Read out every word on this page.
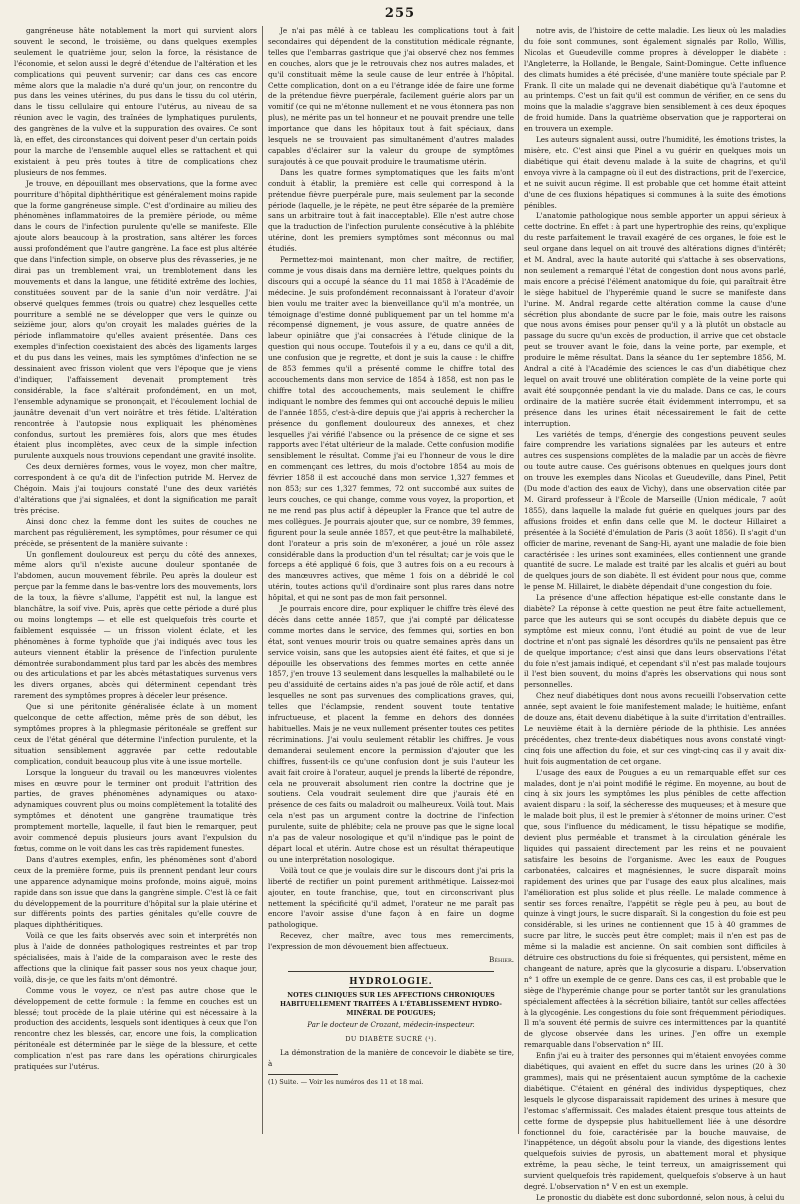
255

gangréneuse hâte notablement la mort qui survient alors souvent le second, le troisième, ou dans quelques exemples seulement le quatrième jour, selon la force, la résistance de l'économie, et selon aussi le degré d'étendue de l'altération et les complications qui peuvent survenir; car dans ces cas encore même alors que la maladie n'a duré qu'un jour, on rencontre du pus dans les veines utérines, du pus dans le tissu du col utérin, dans le tissu cellulaire qui entoure l'utérus, au niveau de sa réunion avec le vagin, des traînées de lymphatiques purulents, des gangrènes de la vulve et la suppuration des ovaires. Ce sont là, en effet, des circonstances qui doivent peser d'un certain poids pour la marche de l'ensemble auquel elles se rattachent et qui existaient à peu près toutes à titre de complications chez plusieurs de nos femmes.

Je trouve, en dépouillant mes observations, que la forme avec pourriture d'hôpital diphthéritique est généralement moins rapide que la forme gangréneuse simple. C'est d'ordinaire au milieu des phénomènes inflammatoires de la première période, ou même dans le cours de l'infection purulente qu'elle se manifeste. Elle ajoute alors beaucoup à la prostration, sans altérer les forces aussi profondément que l'autre gangrène. La face est plus altérée que dans l'infection simple, on observe plus des rêvasseries, je ne dirai pas un tremblement vrai, un tremblotement dans les mouvements et dans la langue, une fétidité extrême des lochies, constituées souvent par de la sanie d'un noir verdâtre. J'ai observé quelques femmes (trois ou quatre) chez lesquelles cette pourriture a semblé ne se développer que vers le quinze ou seizième jour, alors qu'on croyait les malades guéries de la période inflammatoire qu'elles avaient présentée. Dans ces exemples d'infection coexistaient des abcès des ligaments larges et du pus dans les veines, mais les symptômes d'infection ne se dessinaient avec frisson violent que vers l'époque que je viens d'indiquer, l'affaissement devenait promptement très considérable, la face s'altérait profondément, en un mot, l'ensemble adynamique se prononçait, et l'écoulement lochial de jaunâtre devenait d'un vert noirâtre et très fétide. L'altération rencontrée à l'autopsie nous expliquait les phénomènes confondus, surtout les premières fois, alors que mes études étaient plus incomplètes, avec ceux de la simple infection purulente auxquels nous trouvions cependant une gravité insolite.

Ces deux dernières formes, vous le voyez, mon cher maître, correspondent à ce qu'a dit de l'infection putride M. Hervez de Chégoin. Mais j'ai toujours constaté l'une des deux variétés d'altérations que j'ai signalées, et dont la signification me paraît très précise.

Ainsi donc chez la femme dont les suites de couches ne marchent pas régulièrement, les symptômes, pour résumer ce qui précède, se présentent de la manière suivante :

Un gonflement douloureux est perçu du côté des annexes, même alors qu'il n'existe aucune douleur spontanée de l'abdomen, aucun mouvement fébrile. Peu après la douleur est perçue par la femme dans le bas-ventre lors des mouvements, lors de la toux, la fièvre s'allume, l'appétit est nul, la langue est blanchâtre, la soif vive. Puis, après que cette période a duré plus ou moins longtemps — et elle est quelquefois très courte et faiblement esquissée — un frisson violent éclate, et les phénomènes à forme typhoïde que j'ai indiqués avec tous les auteurs viennent établir la présence de l'infection purulente démontrée surabondamment plus tard par les abcès des membres ou des articulations et par les abcès métastatiques survenus vers les divers organes, abcès qui déterminent cependant très rarement des symptômes propres à déceler leur présence.

Que si une péritonite généralisée éclate à un moment quelconque de cette affection, même près de son début, les symptômes propres à la phlegmasie péritonéale se greffent sur ceux de l'état général que détermine l'infection purulente, et la situation sensiblement aggravée par cette redoutable complication, conduit beaucoup plus vite à une issue mortelle.

Lorsque la longueur du travail ou les manœuvres violentes mises en œuvre pour le terminer ont produit l'attrition des parties, de graves phénomènes adynamiques ou ataxo-adynamiques couvrent plus ou moins complètement la totalité des symptômes et dénotent une gangrène traumatique très promptement mortelle, laquelle, il faut bien le remarquer, peut avoir commencé depuis plusieurs jours avant l'expulsion du fœtus, comme on le voit dans les cas très rapidement funestes.

Dans d'autres exemples, enfin, les phénomènes sont d'abord ceux de la première forme, puis ils prennent pendant leur cours une apparence adynamique moins profonde, moins aiguë, moins rapide dans son issue que dans la gangrène simple. C'est là ce fait du développement de la pourriture d'hôpital sur la plaie utérine et sur différents points des parties génitales qu'elle couvre de plaques diphthéritiques.

Voilà ce que les faits observés avec soin et interprétés non plus à l'aide de données pathologiques restreintes et par trop spécialisées, mais à l'aide de la comparaison avec le reste des affections que la clinique fait passer sous nos yeux chaque jour, voilà, dis-je, ce que les faits m'ont démontré.

Comme vous le voyez, ce n'est pas autre chose que le développement de cette formule : la femme en couches est un blessé; tout procède de la plaie utérine qui est nécessaire à la production des accidents, lesquels sont identiques à ceux que l'on rencontre chez les blessés, car, encore une fois, la complication péritonéale est déterminée par le siège de la blessure, et cette complication n'est pas rare dans les opérations chirurgicales pratiquées sur l'utérus.

Je n'ai pas mêlé à ce tableau les complications tout à fait secondaires qui dépendent de la constitution médicale régnante, telles que l'embarras gastrique que j'ai observé chez nos femmes en couches, alors que je le retrouvais chez nos autres malades, et qu'il constituait même la seule cause de leur entrée à l'hôpital. Cette complication, dont on a eu l'étrange idée de faire une forme de la prétendue fièvre puerpérale, facilement guérie alors par un vomitif (ce qui ne m'étonne nullement et ne vous étonnera pas non plus), ne mérite pas un tel honneur et ne pouvait prendre une telle importance que dans les hôpitaux tout à fait spéciaux, dans lesquels ne se trouvaient pas simultanément d'autres malades capables d'éclairer sur la valeur du groupe de symptômes surajoutés à ce que pouvait produire le traumatisme utérin.

Dans les quatre formes symptomatiques que les faits m'ont conduit à établir, la première est celle qui correspond à la prétendue fièvre puerpérale pure, mais seulement par la seconde période (laquelle, je le répète, ne peut être séparée de la première sans un arbitraire tout à fait inacceptable). Elle n'est autre chose que la traduction de l'infection purulente consécutive à la phlébite utérine, dont les premiers symptômes sont méconnus ou mal étudiés.

Permettez-moi maintenant, mon cher maître, de rectifier, comme je vous disais dans ma dernière lettre, quelques points du discours qui a occupé la séance du 11 mai 1858 à l'Académie de médecine. Je suis profondément reconnaissant à l'orateur d'avoir bien voulu me traiter avec la bienveillance qu'il m'a montrée, un témoignage d'estime donné publiquement par un tel homme m'a récompensé dignement, je vous assure, de quatre années de labeur opiniâtre que j'ai consacrées à l'étude clinique de la question qui nous occupe. Toutefois il y a eu, dans ce qu'il a dit, une confusion que je regrette, et dont je suis la cause : le chiffre de 853 femmes qu'il a présenté comme le chiffre total des accouchements dans mon service de 1854 à 1858, est non pas le chiffre total des accouchements, mais seulement le chiffre indiquant le nombre des femmes qui ont accouché depuis le milieu de l'année 1855, c'est-à-dire depuis que j'ai appris à rechercher la présence du gonflement douloureux des annexes, et chez lesquelles j'ai vérifié l'absence ou la présence de ce signe et ses rapports avec l'état ultérieur de la malade. Cette confusion modifie sensiblement le résultat. Comme j'ai eu l'honneur de vous le dire en commençant ces lettres, du mois d'octobre 1854 au mois de février 1858 il est accouché dans mon service 1,327 femmes et non 853; sur ces 1,327 femmes, 72 ont succombé aux suites de leurs couches, ce qui change, comme vous voyez, la proportion, et ne me rend pas plus actif à dépeupler la France que tel autre de mes collègues. Je pourrais ajouter que, sur ce nombre, 39 femmes, figurent pour la seule année 1857, et que peut-être la malhabileté, dont l'orateur a pris soin de m'exonérer, a joué un rôle assez considérable dans la production d'un tel résultat; car je vois que le forceps a été appliqué 6 fois, que 3 autres fois on a eu recours à des manœuvres actives, que même 1 fois on a débridé le col utérin, toutes actions qu'il d'ordinaire sont plus rares dans notre hôpital, et qui ne sont pas de mon fait personnel.

Je pourrais encore dire, pour expliquer le chiffre très élevé des décès dans cette année 1857, que j'ai compté par délicatesse comme mortes dans le service, des femmes qui, sorties en bon état, sont venues mourir trois ou quatre semaines après dans un service voisin, sans que les autopsies aient été faites, et que si je dépouille les observations des femmes mortes en cette année 1857, j'en trouve 13 seulement dans lesquelles la malhabileté ou le peu d'assiduité de certains aides n'a pas joué de rôle actif, et dans lesquelles ne sont pas survenues des complications graves, qui, telles que l'éclampsie, rendent souvent toute tentative infructueuse, et placent la femme en dehors des données habituelles. Mais je ne veux nullement présenter toutes ces petites récriminations. J'ai voulu seulement rétablir les chiffres. Je vous demanderai seulement encore la permission d'ajouter que les chiffres, fussent-ils ce qu'une confusion dont je suis l'auteur les avait fait croire à l'orateur, auquel je prends la liberté de répondre, cela ne prouverait absolument rien contre la doctrine que je soutiens. Cela voudrait seulement dire que j'aurais été en présence de ces faits ou maladroit ou malheureux. Voilà tout. Mais cela n'est pas un argument contre la doctrine de l'infection purulente, suite de phlébite; cela ne prouve pas que le signe local n'a pas de valeur nosologique et qu'il n'indique pas le point de départ local et utérin. Autre chose est un résultat thérapeutique ou une interprétation nosologique.

Voilà tout ce que je voulais dire sur le discours dont j'ai pris la liberté de rectifier un point purement arithmétique. Laissez-moi ajouter, en toute franchise, que, tout en circonscrivant plus nettement la spécificité qu'il admet, l'orateur ne me paraît pas encore l'avoir assise d'une façon à en faire un dogme pathologique.

Recevez, cher maître, avec tous mes remerciments, l'expression de mon dévouement bien affectueux.

Béhier.
HYDROLOGIE.
NOTES CLINIQUES SUR LES AFFECTIONS CHRONIQUES HABITUELLEMENT TRAITÉES À L'ÉTABLISSEMENT HYDRO-MINÉRAL DE POUGUES;
Par le docteur de Crozant, médecin-inspecteur.
DU DIABÈTE SUCRÉ (¹).

La démonstration de la manière de concevoir le diabète se tire, à

(1) Suite. — Voir les numéros des 11 et 18 mai.

notre avis, de l'histoire de cette maladie. Les lieux où les maladies du foie sont communes, sont également signalés par Rollo, Willis, Nicolas et Gueudeville comme propres à développer le diabète : l'Angleterre, la Hollande, le Bengale, Saint-Domingue. Cette influence des climats humides a été précisée, d'une manière toute spéciale par P. Frank. Il cite un malade qui ne devenait diabétique qu'à l'automne et au printemps. C'est un fait qu'il est commun de vérifier, en ce sens du moins que la maladie s'aggrave bien sensiblement à ces deux époques de froid humide. Dans la quatrième observation que je rapporterai on en trouvera un exemple.

Les auteurs signalent aussi, outre l'humidité, les émotions tristes, la misère, etc. C'est ainsi que Pinel a vu guérir en quelques mois un diabétique qui était devenu malade à la suite de chagrins, et qu'il envoya vivre à la campagne où il eut des distractions, prit de l'exercice, et ne suivit aucun régime. Il est probable que cet homme était atteint d'une de ces fluxions hépatiques si communes à la suite des émotions pénibles.

L'anatomie pathologique nous semble apporter un appui sérieux à cette doctrine. En effet : à part une hypertrophie des reins, qu'explique du reste parfaitement le travail exagéré de ces organes, le foie est le seul organe dans lequel on ait trouvé des altérations dignes d'intérêt; et M. Andral, avec la haute autorité qui s'attache à ses observations, non seulement a remarqué l'état de congestion dont nous avons parlé, mais encore a précisé l'élément anatomique du foie, qui paraîtrait être le siège habituel de l'hyperémie quand le sucre se manifeste dans l'urine. M. Andral regarde cette altération comme la cause d'une sécrétion plus abondante de sucre par le foie, mais outre les raisons que nous avons émises pour penser qu'il y a là plutôt un obstacle au passage du sucre qu'un excès de production, il arrive que cet obstacle peut se trouver avant le foie, dans la veine porte, par exemple, et produire le même résultat. Dans la séance du 1er septembre 1856, M. Andral a cité à l'Académie des sciences le cas d'un diabétique chez lequel on avait trouvé une oblitération complète de la veine porte qui avait été soupçonnée pendant la vie du malade. Dans ce cas, le cours ordinaire de la matière sucrée était évidemment interrompu, et sa présence dans les urines était nécessairement le fait de cette interruption.

Les variétés de temps, d'énergie des congestions peuvent seules faire comprendre les variations signalées par les auteurs et entre autres ces suspensions complètes de la maladie par un accès de fièvre ou toute autre cause. Ces guérisons obtenues en quelques jours dont on trouve les exemples dans Nicolas et Gueudeville, dans Pinel, Petit (Du mode d'action des eaux de Vichy), dans une observation citée par M. Girard professeur à l'École de Marseille (Union médicale, 7 août 1855), dans laquelle la malade fut guérie en quelques jours par des affusions froides et enfin dans celle que M. le docteur Hillairet a présentée à la Société d'émulation de Paris (3 août 1856). Il s'agit d'un officier de marine, revenant de Sang-Hi, ayant une maladie de foie bien caractérisée : les urines sont examinées, elles contiennent une grande quantité de sucre. Le malade est traité par les alcalis et guéri au bout de quelques jours de son diabète. Il est évident pour nous que, comme le pense M. Hillairet, le diabète dépendait d'une congestion du foie.

La présence d'une affection hépatique est-elle constante dans le diabète? La réponse à cette question ne peut être faite actuellement, parce que les auteurs qui se sont occupés du diabète depuis que ce symptôme est mieux connu, l'ont étudié au point de vue de leur doctrine et n'ont pas signalé les désordres qu'ils ne pensaient pas être de quelque importance; c'est ainsi que dans leurs observations l'état du foie n'est jamais indiqué, et cependant s'il n'est pas malade toujours il l'est bien souvent, du moins d'après les observations qui nous sont personnelles.

Chez neuf diabétiques dont nous avons recueilli l'observation cette année, sept avaient le foie manifestement malade; le huitième, enfant de douze ans, était devenu diabétique à la suite d'irritation d'entrailles. Le neuvième était à la dernière période de la phthisie. Les années précédentes, chez trente-deux diabétiques nous avons constaté vingt-cinq fois une affection du foie, et sur ces vingt-cinq cas il y avait dix-huit fois augmentation de cet organe.

L'usage des eaux de Pougues a eu un remarquable effet sur ces malades, dont je n'ai point modifié le régime. En moyenne, au bout de cinq à six jours les symptômes les plus pénibles de cette affection avaient disparu : la soif, la sécheresse des muqueuses; et à mesure que le malade boit plus, il est le premier à s'étonner de moins uriner. C'est que, sous l'influence du médicament, le tissu hépatique se modifie, devient plus perméable et transmet à la circulation générale les liquides qui passaient directement par les reins et ne pouvaient satisfaire les besoins de l'organisme. Avec les eaux de Pougues carbonatées, calcaires et magnésiennes, le sucre disparaît moins rapidement des urines que par l'usage des eaux plus alcalines, mais l'amélioration est plus solide et plus réelle. Le malade commence à sentir ses forces renaître, l'appétit se règle peu à peu, au bout de quinze à vingt jours, le sucre disparaît. Si la congestion du foie est peu considérable, si les urines ne contiennent que 15 à 40 grammes de sucre par litre, le succès peut être complet; mais il n'en est pas de même si la maladie est ancienne. On sait combien sont difficiles à détruire ces obstructions du foie si fréquentes, qui persistent, même en changeant de nature, après que la glycosurie a disparu. L'observation n° 1 offre un exemple de ce genre. Dans ces cas, il est probable que le siège de l'hyperémie change pour se porter tantôt sur les granulations spécialement affectées à la sécrétion biliaire, tantôt sur celles affectées à la glycogénie. Les congestions du foie sont fréquemment périodiques. Il m'a souvent été permis de suivre ces intermittences par la quantité de glycose observée dans les urines. J'en offre un exemple remarquable dans l'observation n° III.

Enfin j'ai eu à traiter des personnes qui m'étaient envoyées comme diabétiques, qui avaient en effet du sucre dans les urines (20 à 30 grammes), mais qui ne présentaient aucun symptôme de la cachexie diabétique. C'étaient en général des individus dyspeptiques, chez lesquels le glycose disparaissait rapidement des urines à mesure que l'estomac s'affermissait. Ces malades étaient presque tous atteints de cette forme de dyspepsie plus habituellement liée à une désordre fonctionnel du foie, caractérisée par la bouche mauvaise, de l'inappétence, un dégoût absolu pour la viande, des digestions lentes quelquefois suivies de pyrosis, un abattement moral et physique extrême, la peau sèche, le teint terreux, un amaigrissement qui survient quelquefois très rapidement, quelquefois s'observe à un haut degré. L'observation n° V en est un exemple.

Le pronostic du diabète est donc subordonné, selon nous, à celui du
